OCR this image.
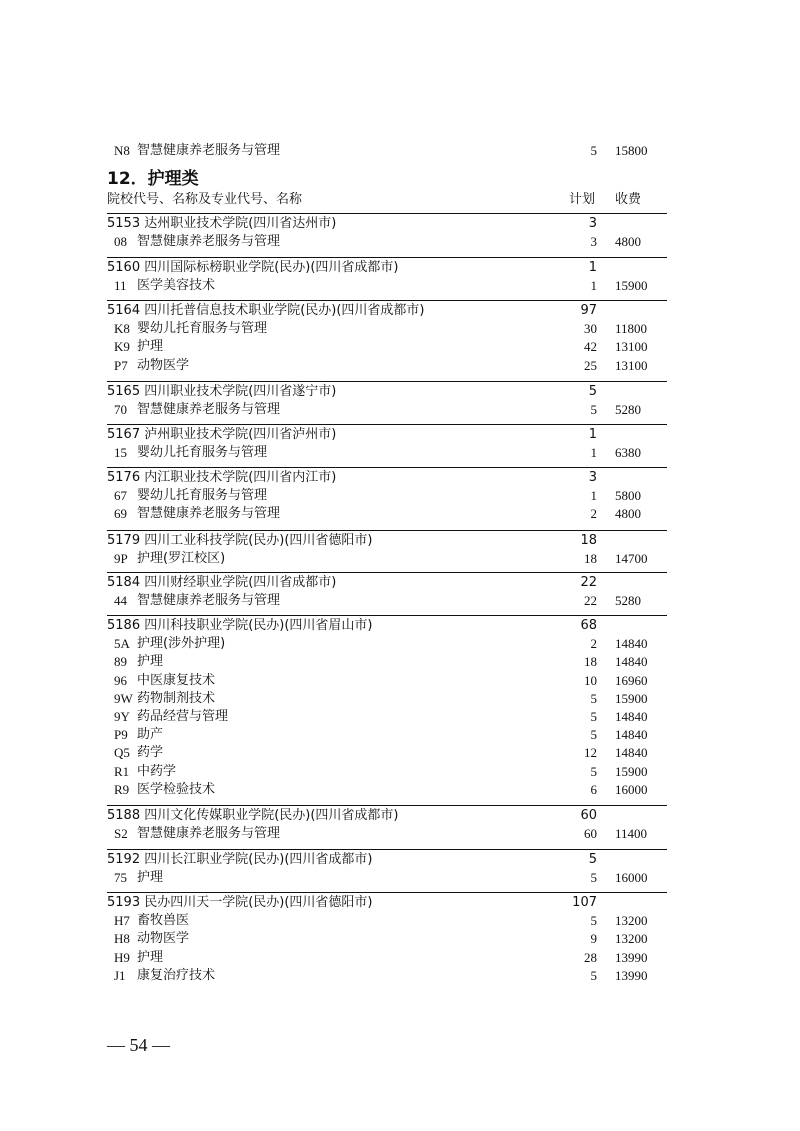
N8 智慧健康养老服务与管理	5 15800
12．护理类
院校代号、名称及专业代号、名称	计划 收费
5153 达州职业技术学院(四川省达州市)	3
08 智慧健康养老服务与管理	3 4800
5160 四川国际标榜职业学院(民办)(四川省成都市)	1
11 医学美容技术	1 15900
5164 四川托普信息技术职业学院(民办)(四川省成都市)	97
K8 婴幼儿托育服务与管理	30 11800
K9 护理	42 13100
P7 动物医学	25 13100
5165 四川职业技术学院(四川省遂宁市)	5
70 智慧健康养老服务与管理	5 5280
5167 泸州职业技术学院(四川省泸州市)	1
15 婴幼儿托育服务与管理	1 6380
5176 内江职业技术学院(四川省内江市)	3
67 婴幼儿托育服务与管理	1 5800
69 智慧健康养老服务与管理	2 4800
5179 四川工业科技学院(民办)(四川省德阳市)	18
9P 护理(罗江校区)	18 14700
5184 四川财经职业学院(四川省成都市)	22
44 智慧健康养老服务与管理	22 5280
5186 四川科技职业学院(民办)(四川省眉山市)	68
5A 护理(涉外护理)	2 14840
89 护理	18 14840
96 中医康复技术	10 16960
9W 药物制剂技术	5 15900
9Y 药品经营与管理	5 14840
P9 助产	5 14840
Q5 药学	12 14840
R1 中药学	5 15900
R9 医学检验技术	6 16000
5188 四川文化传媒职业学院(民办)(四川省成都市)	60
S2 智慧健康养老服务与管理	60 11400
5192 四川长江职业学院(民办)(四川省成都市)	5
75 护理	5 16000
5193 民办四川天一学院(民办)(四川省德阳市)	107
H7 畜牧兽医	5 13200
H8 动物医学	9 13200
H9 护理	28 13990
J1 康复治疗技术	5 13990
— 54 —
